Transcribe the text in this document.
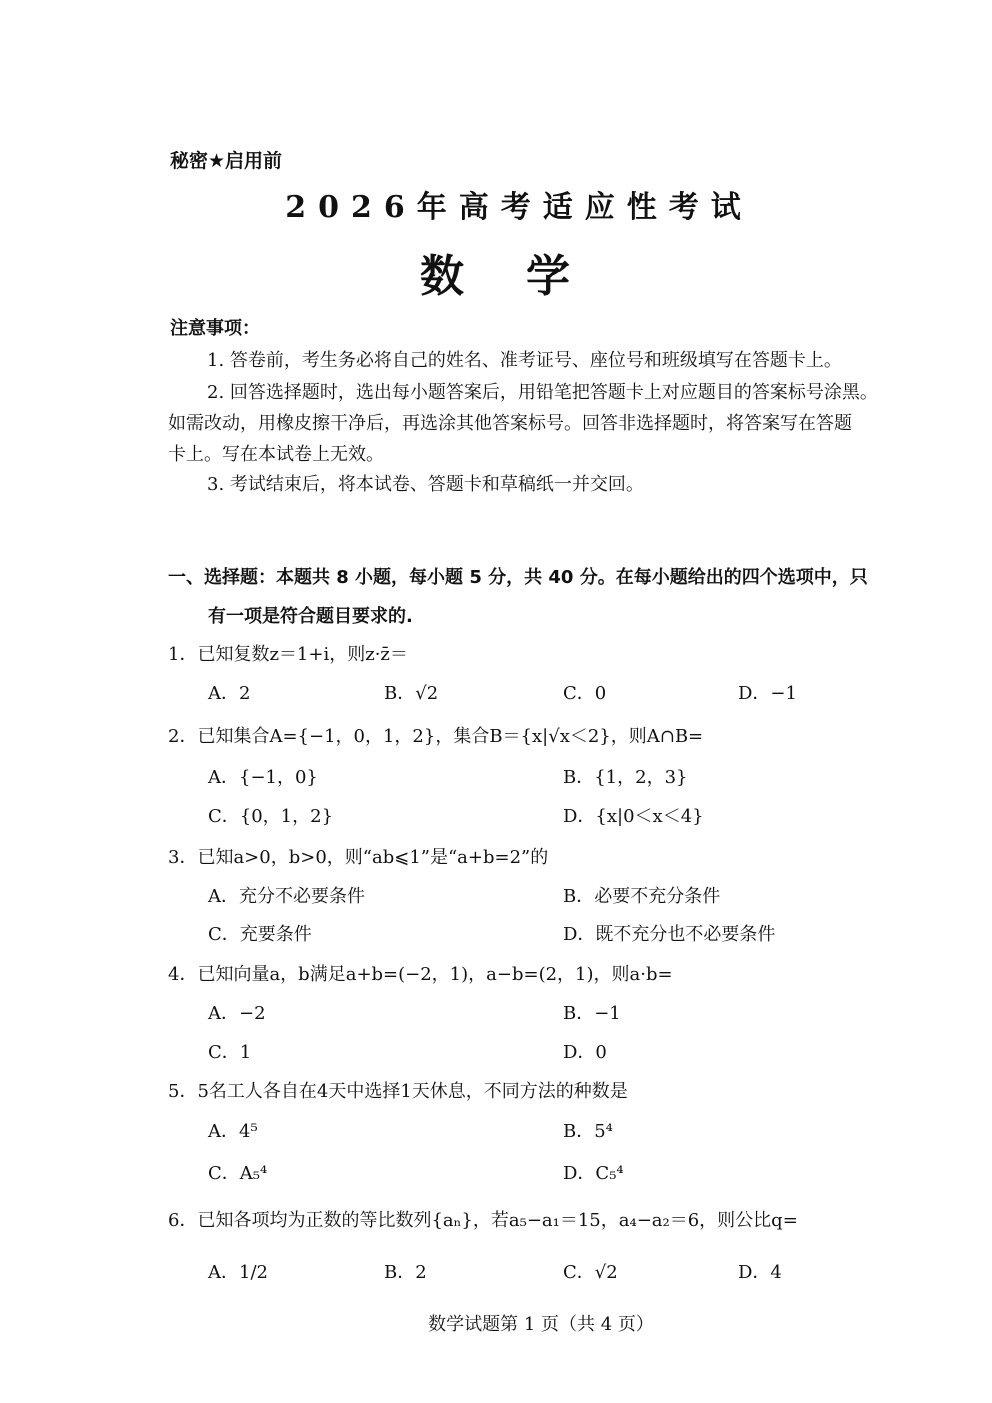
秘密★启用前
2026年高考适应性考试
数学
注意事项：
1. 答卷前，考生务必将自己的姓名、准考证号、座位号和班级填写在答题卡上。
2. 回答选择题时，选出每小题答案后，用铅笔把答题卡上对应题目的答案标号涂黑。
如需改动，用橡皮擦干净后，再选涂其他答案标号。回答非选择题时，将答案写在答题
卡上。写在本试卷上无效。
3. 考试结束后，将本试卷、答题卡和草稿纸一并交回。
一、选择题：本题共 8 小题，每小题 5 分，共 40 分。在每小题给出的四个选项中，只
有一项是符合题目要求的.
1．已知复数z＝1+i，则z·z̄＝
A．2	B．√2	C．0	D．−1
2．已知集合A={−1，0，1，2}，集合B＝{x|√x＜2}，则A∩B=
A．{−1，0}	B．{1，2，3}
C．{0，1，2}	D．{x|0＜x＜4}
3．已知a>0，b>0，则“ab⩽1”是“a+b=2”的
A．充分不必要条件	B．必要不充分条件
C．充要条件	D．既不充分也不必要条件
4．已知向量a，b满足a+b=(−2，1)，a−b=(2，1)，则a·b=
A．−2	B．−1
C．1	D．0
5．5名工人各自在4天中选择1天休息，不同方法的种数是
A．4⁵	B．5⁴
C．A₅⁴	D．C₅⁴
6．已知各项均为正数的等比数列{aₙ}，若a₅−a₁＝15，a₄−a₂＝6，则公比q=
A．1/2	B．2	C．√2	D．4
数学试题第 1 页（共 4 页）
